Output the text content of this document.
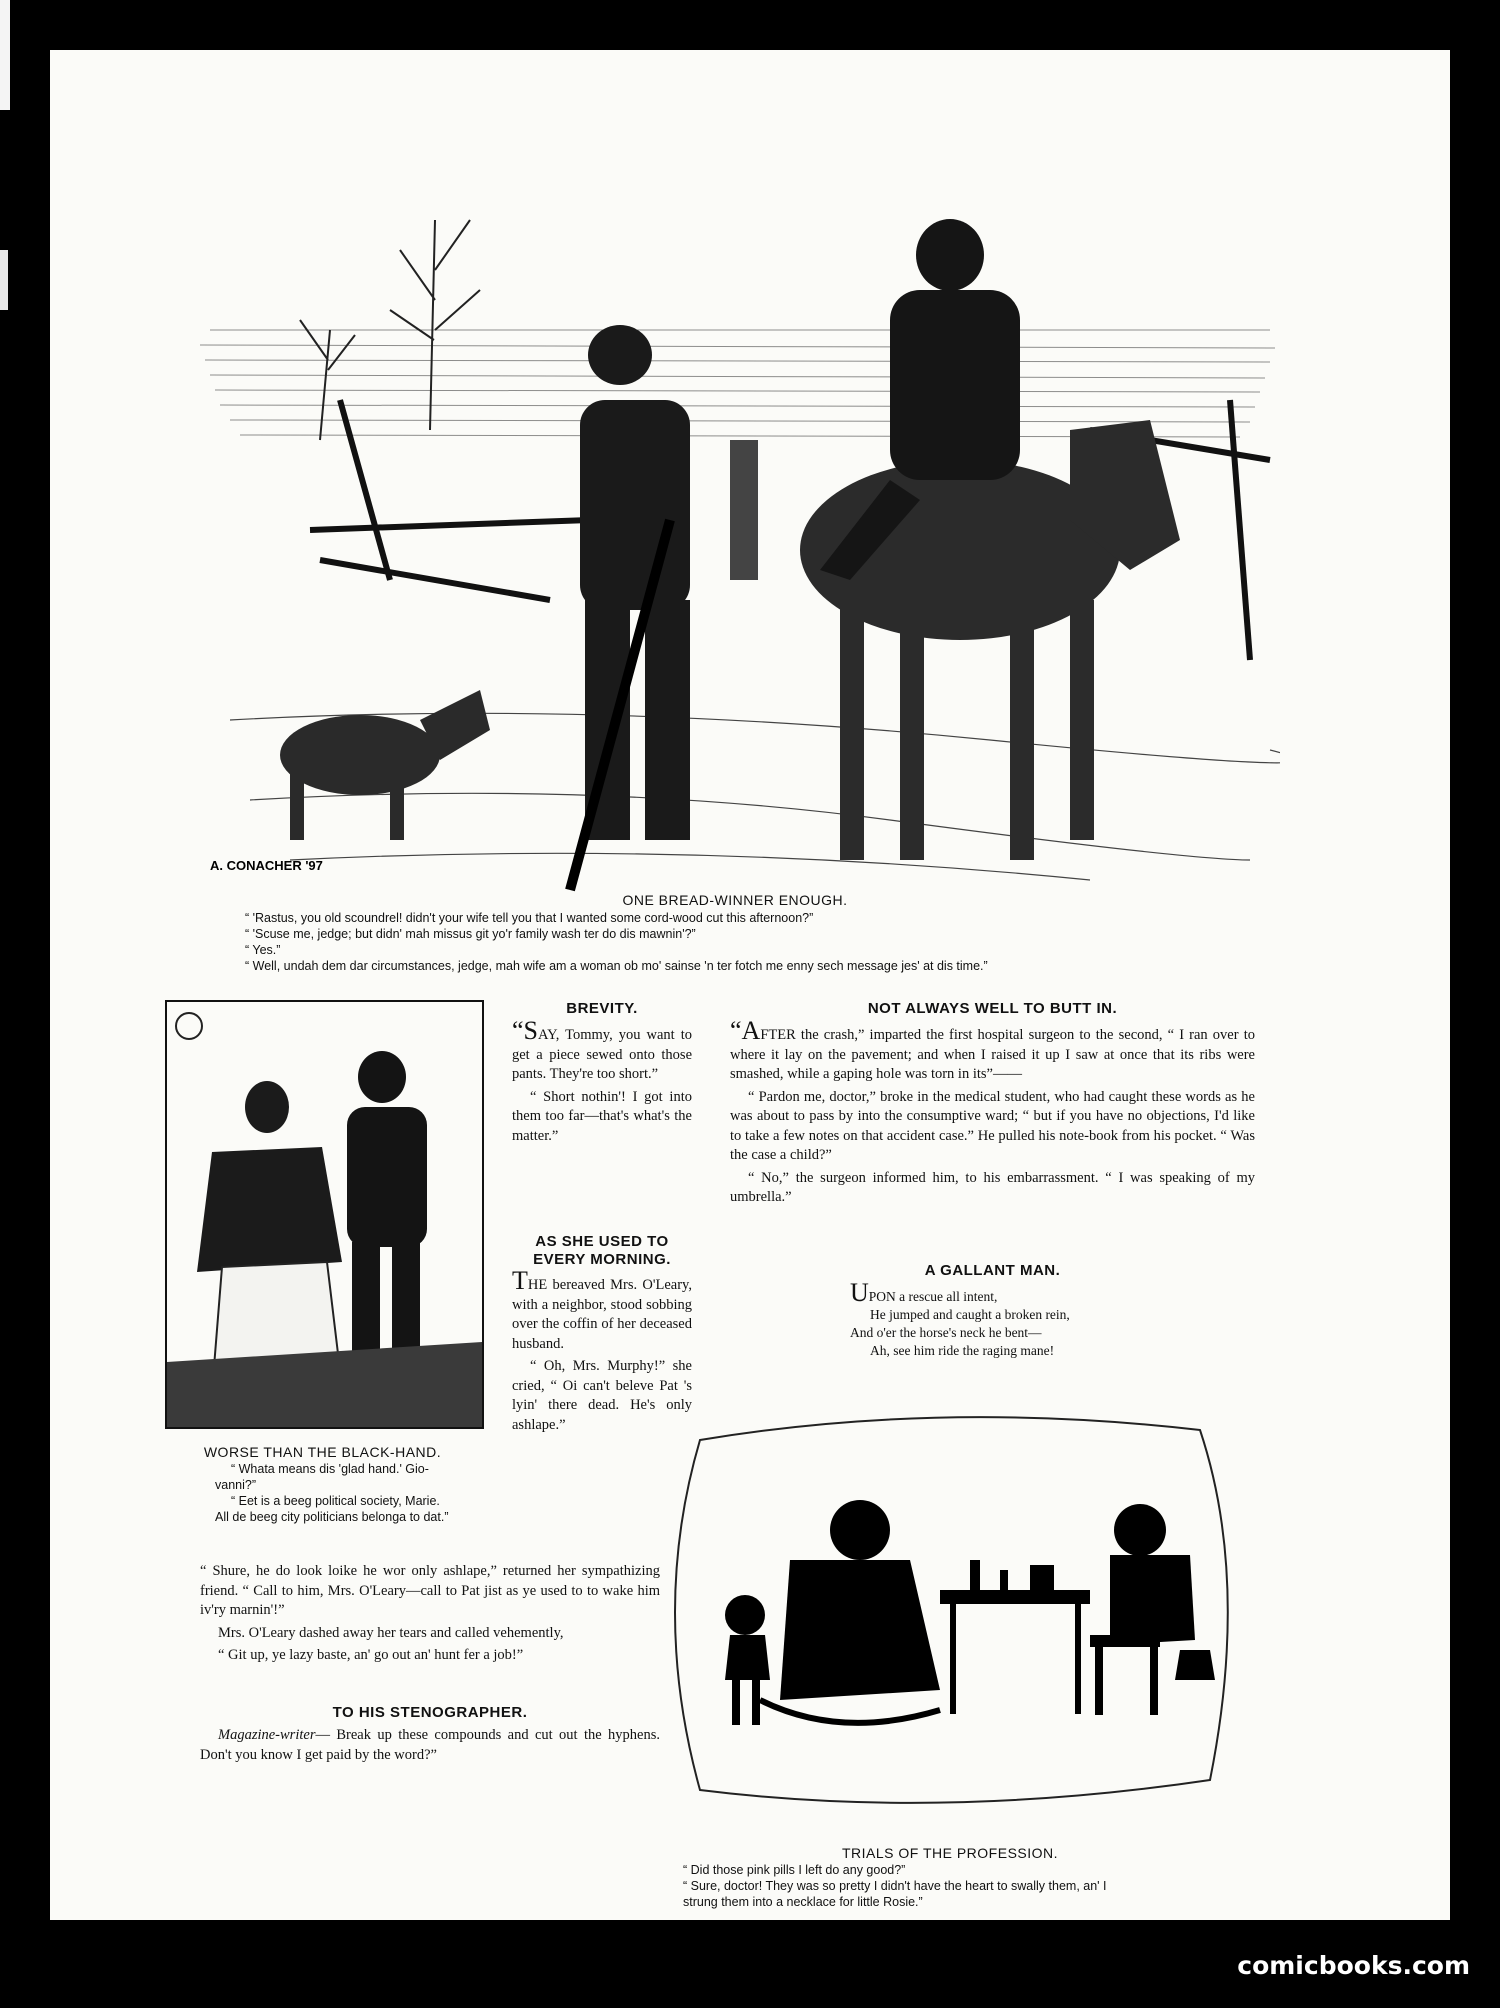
A. CONACHER '97
ONE BREAD-WINNER ENOUGH.
“ 'Rastus, you old scoundrel! didn't your wife tell you that I wanted some cord-wood cut this afternoon?”
“ 'Scuse me, jedge; but didn' mah missus git yo'r family wash ter do dis mawnin'?”
“ Yes.”
“ Well, undah dem dar circumstances, jedge, mah wife am a woman ob mo' sainse 'n ter fotch me enny sech message jes' at dis time.”
WORSE THAN THE BLACK-HAND.
“ Whata means dis 'glad hand.' Gio-
vanni?”
“ Eet is a beeg political society, Marie.
All de beeg city politicians belonga to dat.”
BREVITY.

“SAY, Tommy, you want to get a piece sewed onto those pants. They're too short.”

“ Short nothin'! I got into them too far—that's what's the matter.”

AS SHE USED TO
EVERY MORNING.

THE bereaved Mrs. O'Leary, with a neighbor, stood sobbing over the coffin of her deceased husband.

“ Oh, Mrs. Murphy!” she cried, “ Oi can't beleve Pat 's lyin' there dead. He's only ashlape.”

“ Shure, he do look loike he wor only ashlape,” returned her sympathizing friend. “ Call to him, Mrs. O'Leary—call to Pat jist as ye used to to wake him iv'ry marnin'!”

Mrs. O'Leary dashed away her tears and called vehemently,

“ Git up, ye lazy baste, an' go out an' hunt fer a job!”

TO HIS STENOGRAPHER.

Magazine-writer— Break up these compounds and cut out the hyphens. Don't you know I get paid by the word?”

NOT ALWAYS WELL TO BUTT IN.

“AFTER the crash,” imparted the first hospital surgeon to the second, “ I ran over to where it lay on the pavement; and when I raised it up I saw at once that its ribs were smashed, while a gaping hole was torn in its”——

“ Pardon me, doctor,” broke in the medical student, who had caught these words as he was about to pass by into the consumptive ward; “ but if you have no objections, I'd like to take a few notes on that accident case.” He pulled his note-book from his pocket. “ Was the case a child?”

“ No,” the surgeon informed him, to his embarrassment. “ I was speaking of my umbrella.”

A GALLANT MAN.
UPON a rescue all intent,
He jumped and caught a broken rein,
And o'er the horse's neck he bent—
Ah, see him ride the raging mane!
TRIALS OF THE PROFESSION.
“ Did those pink pills I left do any good?”
“ Sure, doctor! They was so pretty I didn't have the heart to swally them, an' I
strung them into a necklace for little Rosie.”
comicbooks.com
